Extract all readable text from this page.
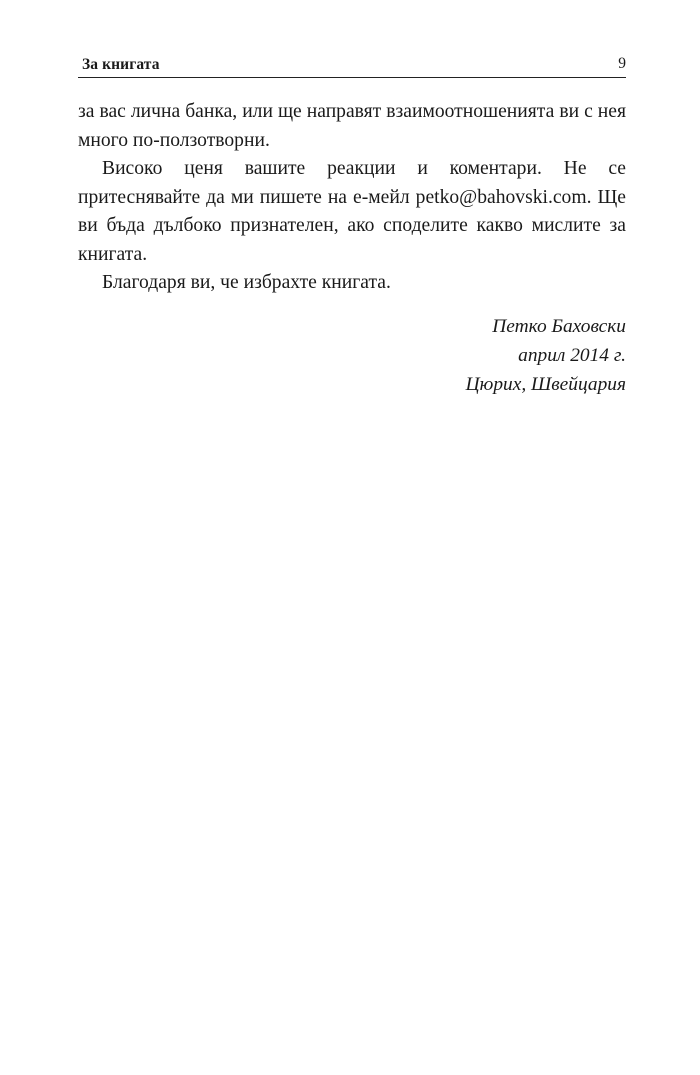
За книгата	9

за вас лична банка, или ще направят взаимоотношенията ви с нея много по-ползотворни.

Високо ценя вашите реакции и коментари. Не се притеснявайте да ми пишете на е-мейл petko@bahovski.com. Ще ви бъда дълбоко признателен, ако споделите какво мислите за книгата.

Благодаря ви, че избрахте книгата.

Петко Баховски
април 2014 г.
Цюрих, Швейцария
